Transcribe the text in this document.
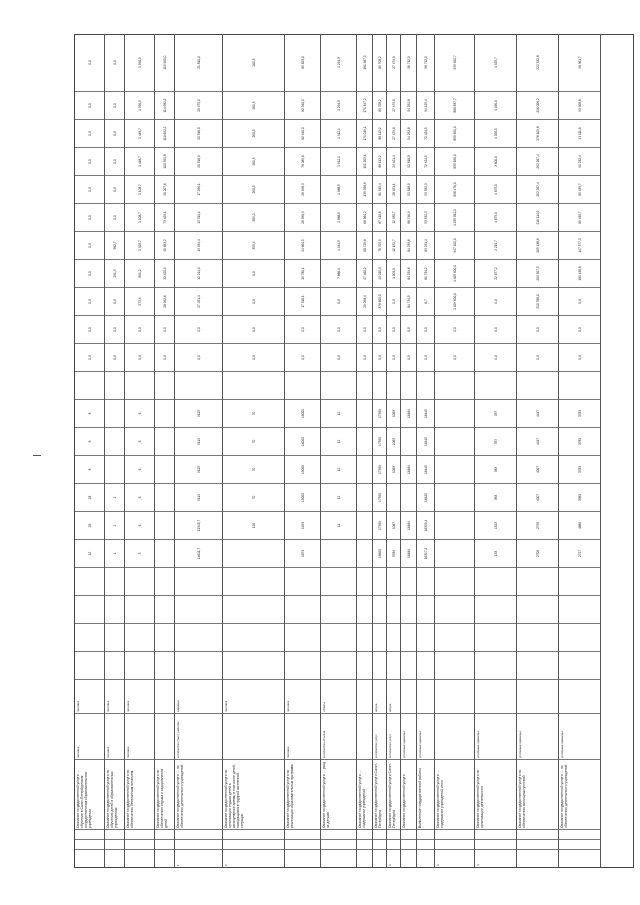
Оказание государственной услуги … обучение в Санкт-Петербургском государственном образовательном учреждении
человек
человек
12
23
23
8
8
8
0,0
0,0
0,0
0,0
0,0
0,0
0,0
0,0
0,0
0,0
0,0
Оказание государственной услуги по обучению детей в образовательных учреждениях
человек
человек
1
2
2
0,0
0,0
0,0
291,3
582,7
0,0
0,0
0,0
0,0
0,0
0,0
Оказание государственной услуги по обеспечению бесплатным питанием
человек
человек
3
6
6
6
6
6
0,0
0,0
573,4
691,2
1 325,7
1 108,7
1 108,7
1 448,7
1 448,7
1 590,5
1 590,5
Оказание государственной услуги по обеспечению отдыха и оздоровления детей
0,0
0,0
28 992,6
32 420,9
45 653,2
73 425,1
90 207,6
100 391,8
110 692,2
114 082,2
115 900,0
1
Оказание государственной услуги … по обеспечению деятельности учреждений
количество (тыс.) рабочих
единица
14611,7
11345,7
9113
9113
9113
9113
0,0
0,0
27 031,4
12 214,0
13 934,4
13 511,4
17 296,1
20 516,0
20 516,0
20 975,0
21 810,0
2
Оказание государственной услуги по организации отдыха детей в каникулярное время, в том числе детей, находящихся в трудной жизненной ситуации
человек
150
70
70
70
70
0,0
0,0
0,0
0,0
355,4
309,0
260,5
260,5
260,5
260,5
260,5
Оказание государственной услуги по реализации образовательных программ
человек
человек
1873
1993
15000
15000
16000
16000
0,0
0,0
17 518,1
19 780,1
24 664,5
26 998,3
26 998,3
78 085,8
82 940,0
82 940,0
85 623,0
Оказание государственной услуги … уход за детьми
количество отчетов
отчеты
11
12
12
12
12
0,0
0,0
0,0
7 866,4
4 944,5
1 988,5
1 988,5
1 912,1
1 912,1
1 294,3
1 294,3
Оказание государственной услуги … содержание учреждений
0,0
0,0
29 098,4
47 460,2
68 725,8
68 564,2
135 958,6
151 203,1
171 049,1
171 497,2
181 587,5
Оказание государственной услуги Санкт-Петербурга
количество услуг
штука
16690
17350
17350
17350
17350
17350
0,0
0,0
376 600,0
43 010,0
76 705,9
87 410,6
81 515,4
88 113,2
88 113,2
89 708,2
89 708,2
3
Оказание государственной услуги Санкт-Петербурга
количество услуг
штука
5334
1067
1063
1063
1063
0,0
0,0
0,0
1 003,0
12 152,7
12 330,7
28 451,1
24 421,4
27 479,0
27 479,0
27 479,0
Оказание государственной услуги
условные единицы
16484
16484
16484
16484
0,0
0,0
84 734,5
84 239,6
84 239,6
86 746,9
52 818,0
52 818,0
54 252,8
54 252,8
56 712,0
Выполнение государственной работы
условные единицы
16317,2
16339,4
16425
16445
16445
16445
0,0
0,0
8,7
61 734,2
83 231,4
53 532,3
53 532,3
72 424,5
72 424,5
54 125,4
56 712,0
3
Оказание государственной услуги … содержание учреждений итого
0,0
0,0
1 405 600,0
1 405 600,0
947 400,0
1 235 812,0
836 476,0
835 690,0
855 690,0
880 837,7
935 900,7
4
Оказание государственной услуги по организации деятельности
условные единицы
133
1523
383
383
337
337
0,0
0,0
0,0
22 677,2
2 210,7
4 675,0
4 675,0
3 600,0
4 090,0
4 090,0
4 525,7
Оказание государственной услуги по обеспечению жилищных условий
условные единицы
2708
2795
4007
4007
4417
4417
0,0
0,0
210 788,0
209 507,5
205 138,6
210 114,9
202 267,4
202 267,4
276 109,8
216 006,2
222 532,8
Оказание государственной услуги … по обеспечению деятельности учреждений
условные единицы
2727
4880
3383
3783
3783
3783
0,0
0,0
0,0
180 438,8
147 377,3
89 435,7
89 435,7
90 232,4
91 111,8
93 908,8
98 361,7
